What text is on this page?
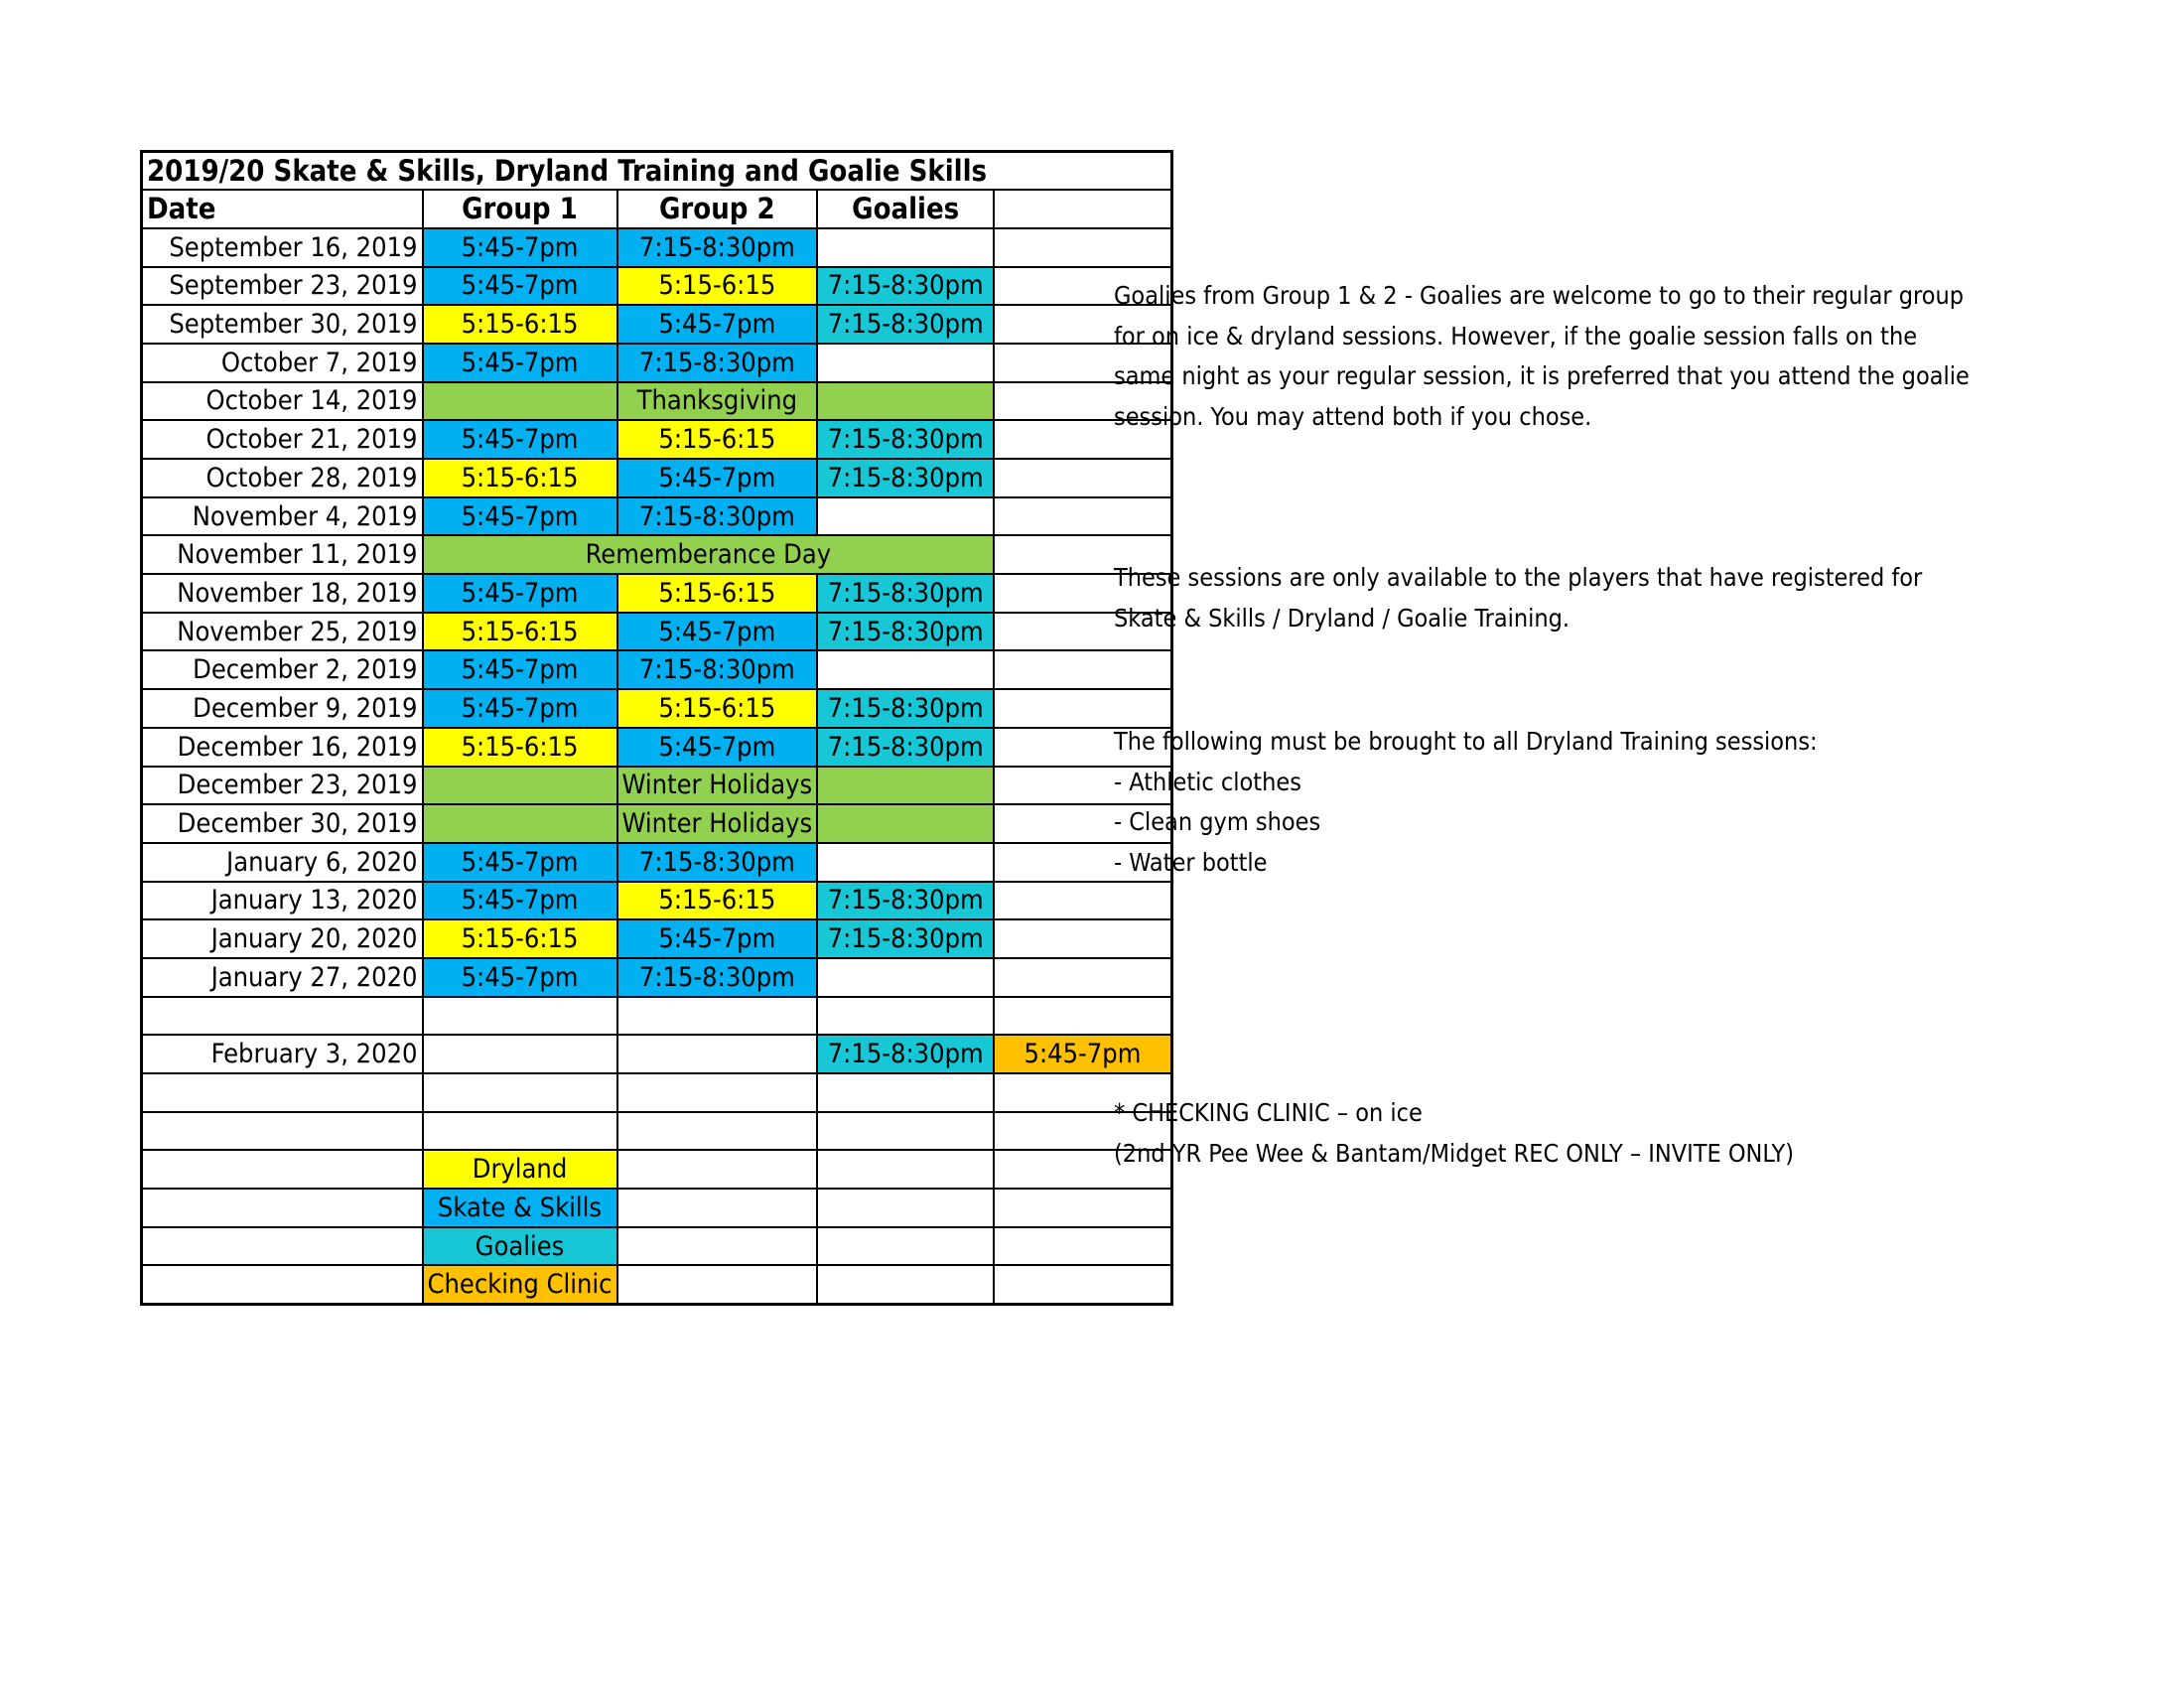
2019/20 Skate & Skills, Dryland Training and Goalie Skills				
Date	Group 1	Group 2	Goalies	
September 16, 2019	5:45-7pm	7:15-8:30pm		
September 23, 2019	5:45-7pm	5:15-6:15	7:15-8:30pm	
September 30, 2019	5:15-6:15	5:45-7pm	7:15-8:30pm	
October 7, 2019	5:45-7pm	7:15-8:30pm		
October 14, 2019		Thanksgiving		
October 21, 2019	5:45-7pm	5:15-6:15	7:15-8:30pm	
October 28, 2019	5:15-6:15	5:45-7pm	7:15-8:30pm	
November 4, 2019	5:45-7pm	7:15-8:30pm		
November 11, 2019	Rememberance Day			
November 18, 2019	5:45-7pm	5:15-6:15	7:15-8:30pm	
November 25, 2019	5:15-6:15	5:45-7pm	7:15-8:30pm	
December 2, 2019	5:45-7pm	7:15-8:30pm		
December 9, 2019	5:45-7pm	5:15-6:15	7:15-8:30pm	
December 16, 2019	5:15-6:15	5:45-7pm	7:15-8:30pm	
December 23, 2019		Winter Holidays		
December 30, 2019		Winter Holidays		
January 6, 2020	5:45-7pm	7:15-8:30pm		
January 13, 2020	5:45-7pm	5:15-6:15	7:15-8:30pm	
January 20, 2020	5:15-6:15	5:45-7pm	7:15-8:30pm	
January 27, 2020	5:45-7pm	7:15-8:30pm		

February 3, 2020			7:15-8:30pm	5:45-7pm

	Dryland			
	Skate & Skills			
	Goalies			
	Checking Clinic			
Goalies from Group 1 & 2 - Goalies are welcome to go to their regular group
for on ice & dryland sessions. However, if the goalie session falls on the
same night as your regular session, it is preferred that you attend the goalie
session. You may attend both if you chose.
These sessions are only available to the players that have registered for
Skate & Skills / Dryland / Goalie Training.
The following must be brought to all Dryland Training sessions:
- Athletic clothes
- Clean gym shoes
- Water bottle
* CHECKING CLINIC – on ice
(2nd YR Pee Wee & Bantam/Midget REC ONLY – INVITE ONLY)
